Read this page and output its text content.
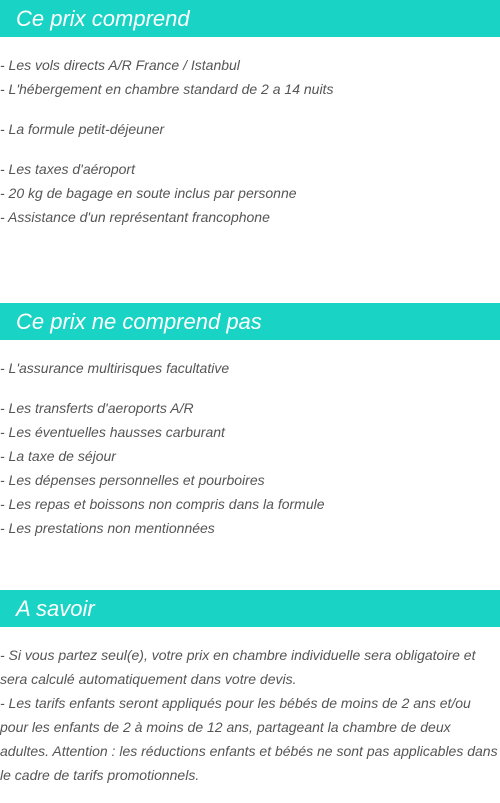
Ce prix comprend
- Les vols directs A/R France / Istanbul
- L'hébergement en chambre standard de 2 a 14 nuits
- La formule petit-déjeuner
- Les taxes d'aéroport
- 20 kg de bagage en soute inclus par personne
- Assistance d'un représentant francophone
Ce prix ne comprend pas
- L'assurance multirisques facultative
- Les transferts d'aeroports A/R
- Les éventuelles hausses carburant
- La taxe de séjour
- Les dépenses personnelles et pourboires
- Les repas et boissons non compris dans la formule
- Les prestations non mentionnées
A savoir
- Si vous partez seul(e), votre prix en chambre individuelle sera obligatoire et sera calculé automatiquement dans votre devis.
- Les tarifs enfants seront appliqués pour les bébés de moins de 2 ans et/ou pour les enfants de 2 à moins de 12 ans, partageant la chambre de deux adultes. Attention : les réductions enfants et bébés ne sont pas applicables dans le cadre de tarifs promotionnels.
